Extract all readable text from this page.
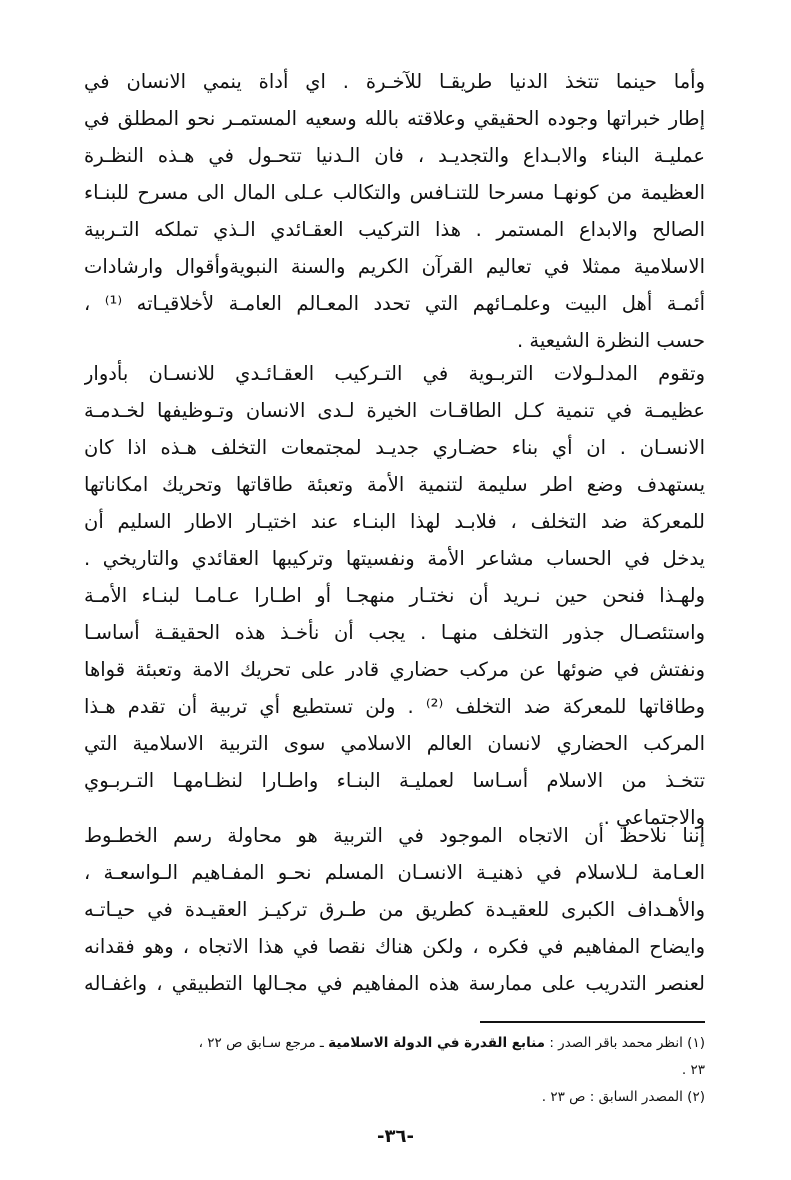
وأما حينما تتخذ الدنيا طريقـا للآخـرة . اي أداة ينمي الانسان في
إطار خبراتها وجوده الحقيقي وعلاقته بالله وسعيه المستمـر نحو المطلق في
عمليـة البناء والابـداع والتجديـد ، فان الـدنيا تتحـول في هـذه النظـرة
العظيمة من كونهـا مسرحا للتنـافس والتكالب عـلى المال الى مسرح للبنـاء
الصالح والابداع المستمر . هذا التركيب العقـائدي الـذي تملكه التـربية
الاسلامية ممثلا في تعاليم القرآن الكريم والسنة النبويةوأقوال وارشادات
أئمـة أهل البيت وعلمـائهم التي تحدد المعـالم العامـة لأخلاقيـاته ⁽¹⁾ ،
حسب النظرة الشيعية .
وتقوم المدلـولات التربـوية في التـركيب العقـائـدي للانسـان بأدوار
عظيمـة في تنمية كـل الطاقـات الخيرة لـدى الانسان وتـوظيفها لخـدمـة
الانسـان . ان أي بناء حضـاري جديـد لمجتمعات التخلف هـذه اذا كان
يستهدف وضع اطر سليمة لتنمية الأمة وتعبئة طاقاتها وتحريك امكاناتها
للمعركة ضد التخلف ، فلابـد لهذا البنـاء عند اختيـار الاطار السليم أن
يدخل في الحساب مشاعر الأمة ونفسيتها وتركيبها العقائدي والتاريخي .
ولهـذا فنحن حين نـريد أن نختـار منهجـا أو اطـارا عـامـا لبنـاء الأمـة
واستئصـال جذور التخلف منهـا . يجب أن نأخـذ هذه الحقيقـة أساسـا
ونفتش في ضوئها عن مركب حضاري قادر على تحريك الامة وتعبئة قواها
وطاقاتها للمعركة ضد التخلف ⁽²⁾ . ولن تستطيع أي تربية أن تقدم هـذا
المركب الحضاري لانسان العالم الاسلامي سوى التربية الاسلامية التي
تتخـذ من الاسلام أسـاسا لعمليـة البنـاء واطـارا لنظـامهـا التـربـوي
والاجتماعي .
إننا نلاحظ أن الاتجاه الموجود في التربية هو محاولة رسم الخطـوط
العـامة لـلاسلام في ذهنيـة الانسـان المسلم نحـو المفـاهيم الـواسعـة ،
والأهـداف الكبرى للعقيـدة كطريق من طـرق تركيـز العقيـدة في حيـاتـه
وايضاح المفاهيم في فكره ، ولكن هناك نقصا في هذا الاتجاه ، وهو فقدانه
لعنصر التدريب على ممارسة هذه المفاهيم في مجـالها التطبيقي ، واغفـاله
(١) انظر محمد باقر الصدر : منابع القدرة في الدولة الاسلامية ـ مرجع سـابق ص ٢٢ ،
٢٣ .
(٢) المصدر السابق : ص ٢٣ .
-٣٦-
